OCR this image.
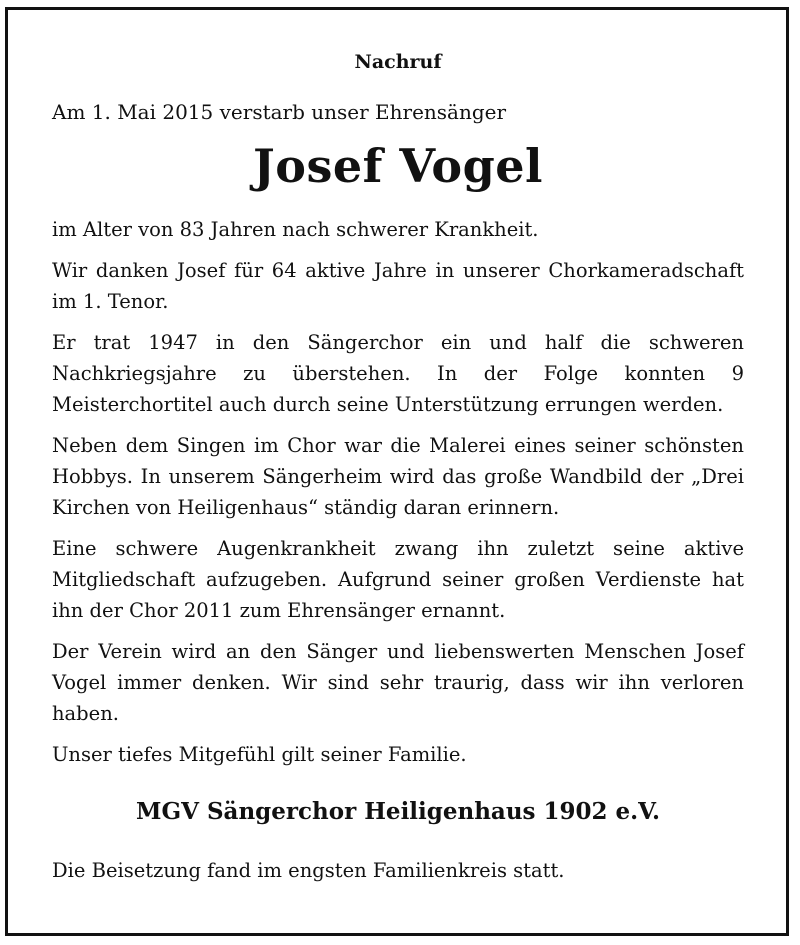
Nachruf
Am 1. Mai 2015 verstarb unser Ehrensänger
Josef Vogel

im Alter von 83 Jahren nach schwerer Krankheit.

Wir danken Josef für 64 aktive Jahre in unserer Chorkameradschaft im 1. Tenor.

Er trat 1947 in den Sängerchor ein und half die schweren Nachkriegsjahre zu überstehen. In der Folge konnten 9 Meisterchortitel auch durch seine Unterstützung errungen werden.

Neben dem Singen im Chor war die Malerei eines seiner schönsten Hobbys. In unserem Sängerheim wird das große Wandbild der „Drei Kirchen von Heiligenhaus“ ständig daran erinnern.

Eine schwere Augenkrankheit zwang ihn zuletzt seine aktive Mitgliedschaft aufzugeben. Aufgrund seiner großen Verdienste hat ihn der Chor 2011 zum Ehrensänger ernannt.

Der Verein wird an den Sänger und liebenswerten Menschen Josef Vogel immer denken. Wir sind sehr traurig, dass wir ihn verloren haben.

Unser tiefes Mitgefühl gilt seiner Familie.

MGV Sängerchor Heiligenhaus 1902 e.V.
Die Beisetzung fand im engsten Familienkreis statt.
